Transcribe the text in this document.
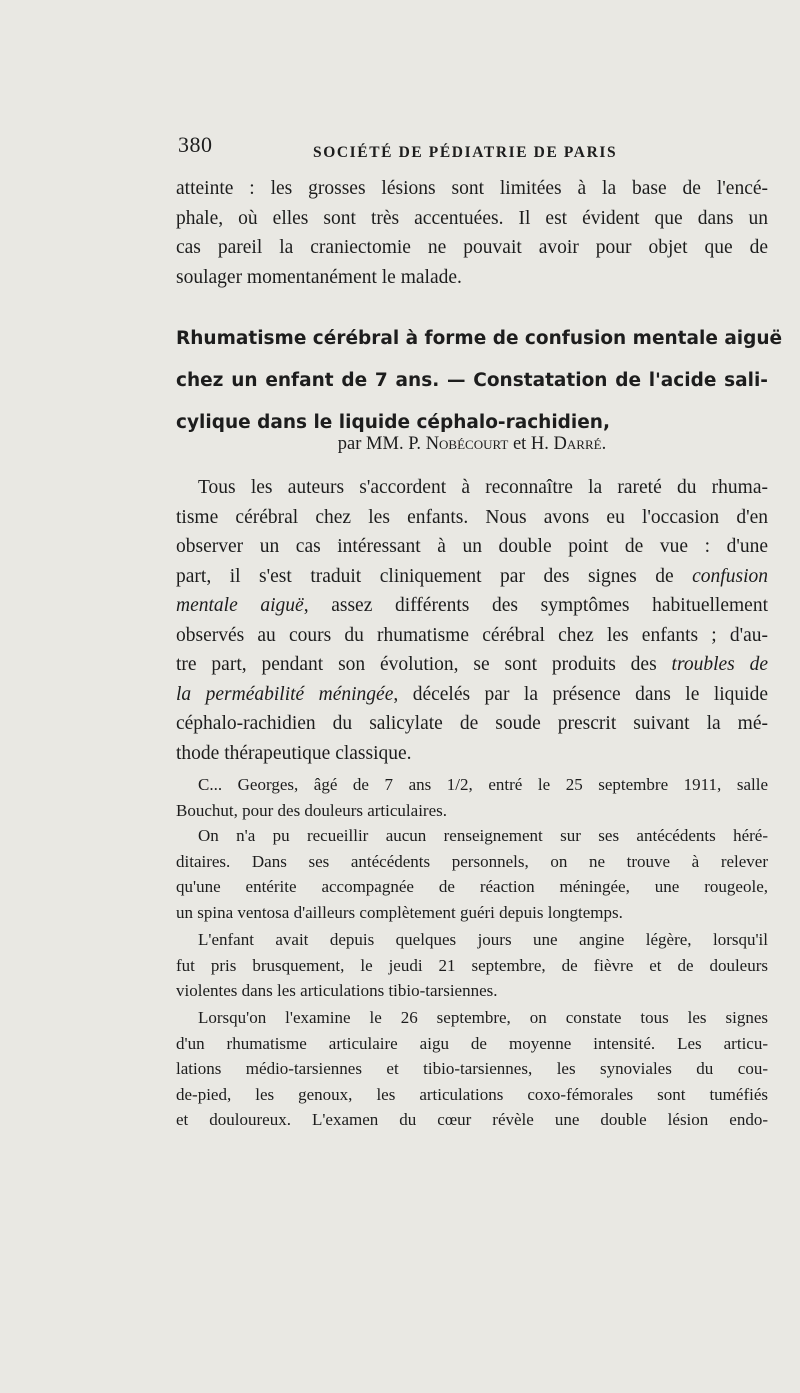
380	SOCIÉTÉ DE PÉDIATRIE DE PARIS
atteinte : les grosses lésions sont limitées à la base de l'encé-
phale, où elles sont très accentuées. Il est évident que dans un
cas pareil la craniectomie ne pouvait avoir pour objet que de
soulager momentanément le malade.
Rhumatisme cérébral à forme de confusion mentale aiguë
chez un enfant de 7 ans. — Constatation de l'acide sali-
cylique dans le liquide céphalo-rachidien,
par MM. P. Nobécourt et H. Darré.
Tous les auteurs s'accordent à reconnaître la rareté du rhuma-
tisme cérébral chez les enfants. Nous avons eu l'occasion d'en
observer un cas intéressant à un double point de vue : d'une
part, il s'est traduit cliniquement par des signes de confusion
mentale aiguë, assez différents des symptômes habituellement
observés au cours du rhumatisme cérébral chez les enfants ; d'au-
tre part, pendant son évolution, se sont produits des troubles de
la perméabilité méningée, décelés par la présence dans le liquide
céphalo-rachidien du salicylate de soude prescrit suivant la mé-
thode thérapeutique classique.
C... Georges, âgé de 7 ans 1/2, entré le 25 septembre 1911, salle
Bouchut, pour des douleurs articulaires.
On n'a pu recueillir aucun renseignement sur ses antécédents héré-
ditaires. Dans ses antécédents personnels, on ne trouve à relever
qu'une entérite accompagnée de réaction méningée, une rougeole,
un spina ventosa d'ailleurs complètement guéri depuis longtemps.
L'enfant avait depuis quelques jours une angine légère, lorsqu'il
fut pris brusquement, le jeudi 21 septembre, de fièvre et de douleurs
violentes dans les articulations tibio-tarsiennes.
Lorsqu'on l'examine le 26 septembre, on constate tous les signes
d'un rhumatisme articulaire aigu de moyenne intensité. Les articu-
lations médio-tarsiennes et tibio-tarsiennes, les synoviales du cou-
de-pied, les genoux, les articulations coxo-fémorales sont tuméfiés
et douloureux. L'examen du cœur révèle une double lésion endo-
